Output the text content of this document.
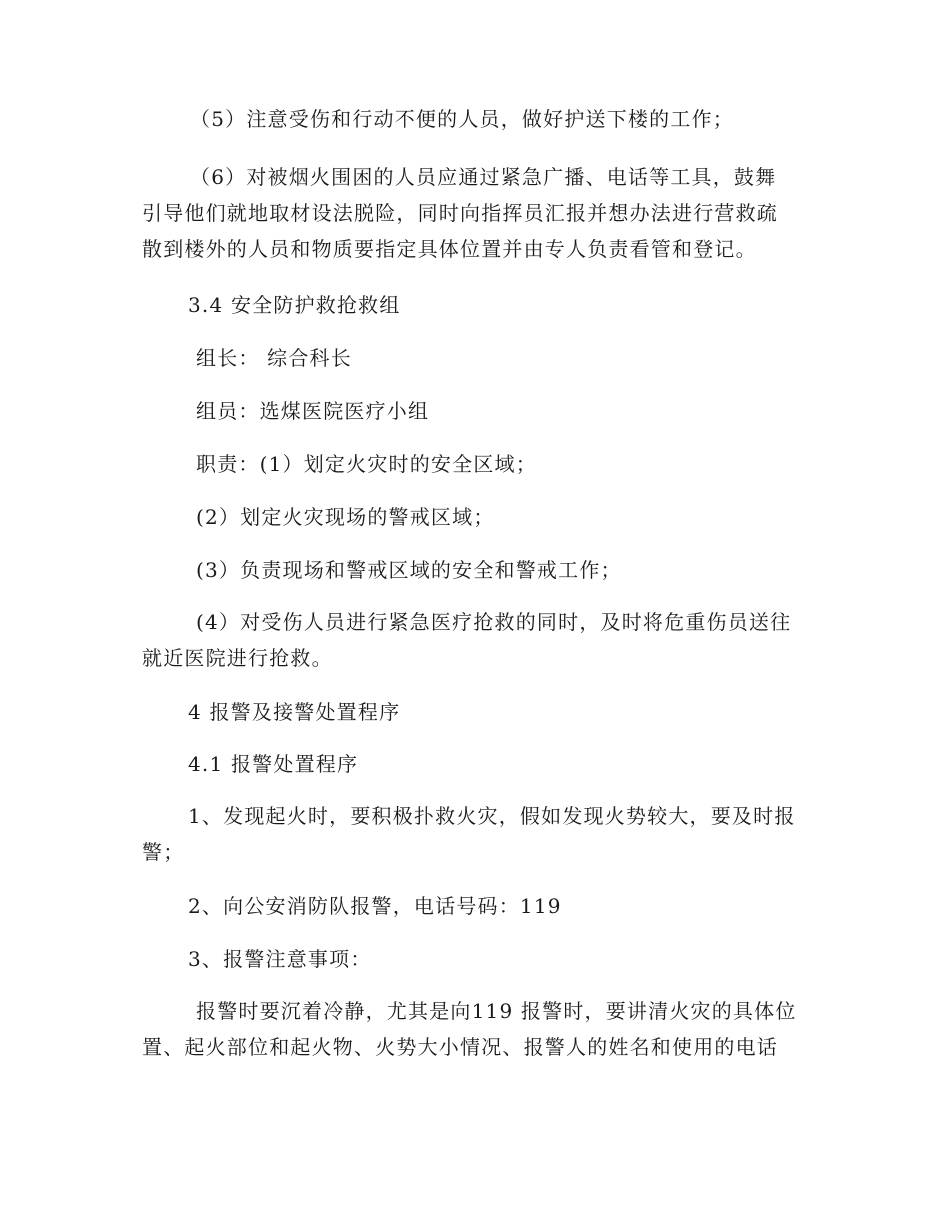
（5）注意受伤和行动不便的人员，做好护送下楼的工作；

（6）对被烟火围困的人员应通过紧急广播、电话等工具，鼓舞
引导他们就地取材设法脱险，同时向指挥员汇报并想办法进行营救疏
散到楼外的人员和物质要指定具体位置并由专人负责看管和登记。

3.4 安全防护救抢救组

组长： 综合科长

组员：选煤医院医疗小组

职责：(1）划定火灾时的安全区域；

(2）划定火灾现场的警戒区域；

(3）负责现场和警戒区域的安全和警戒工作；

(4）对受伤人员进行紧急医疗抢救的同时，及时将危重伤员送往
就近医院进行抢救。

4 报警及接警处置程序

4.1 报警处置程序

1、发现起火时，要积极扑救火灾，假如发现火势较大，要及时报
警；

2、向公安消防队报警，电话号码：119

3、报警注意事项：

报警时要沉着冷静，尤其是向119 报警时，要讲清火灾的具体位
置、起火部位和起火物、火势大小情况、报警人的姓名和使用的电话
